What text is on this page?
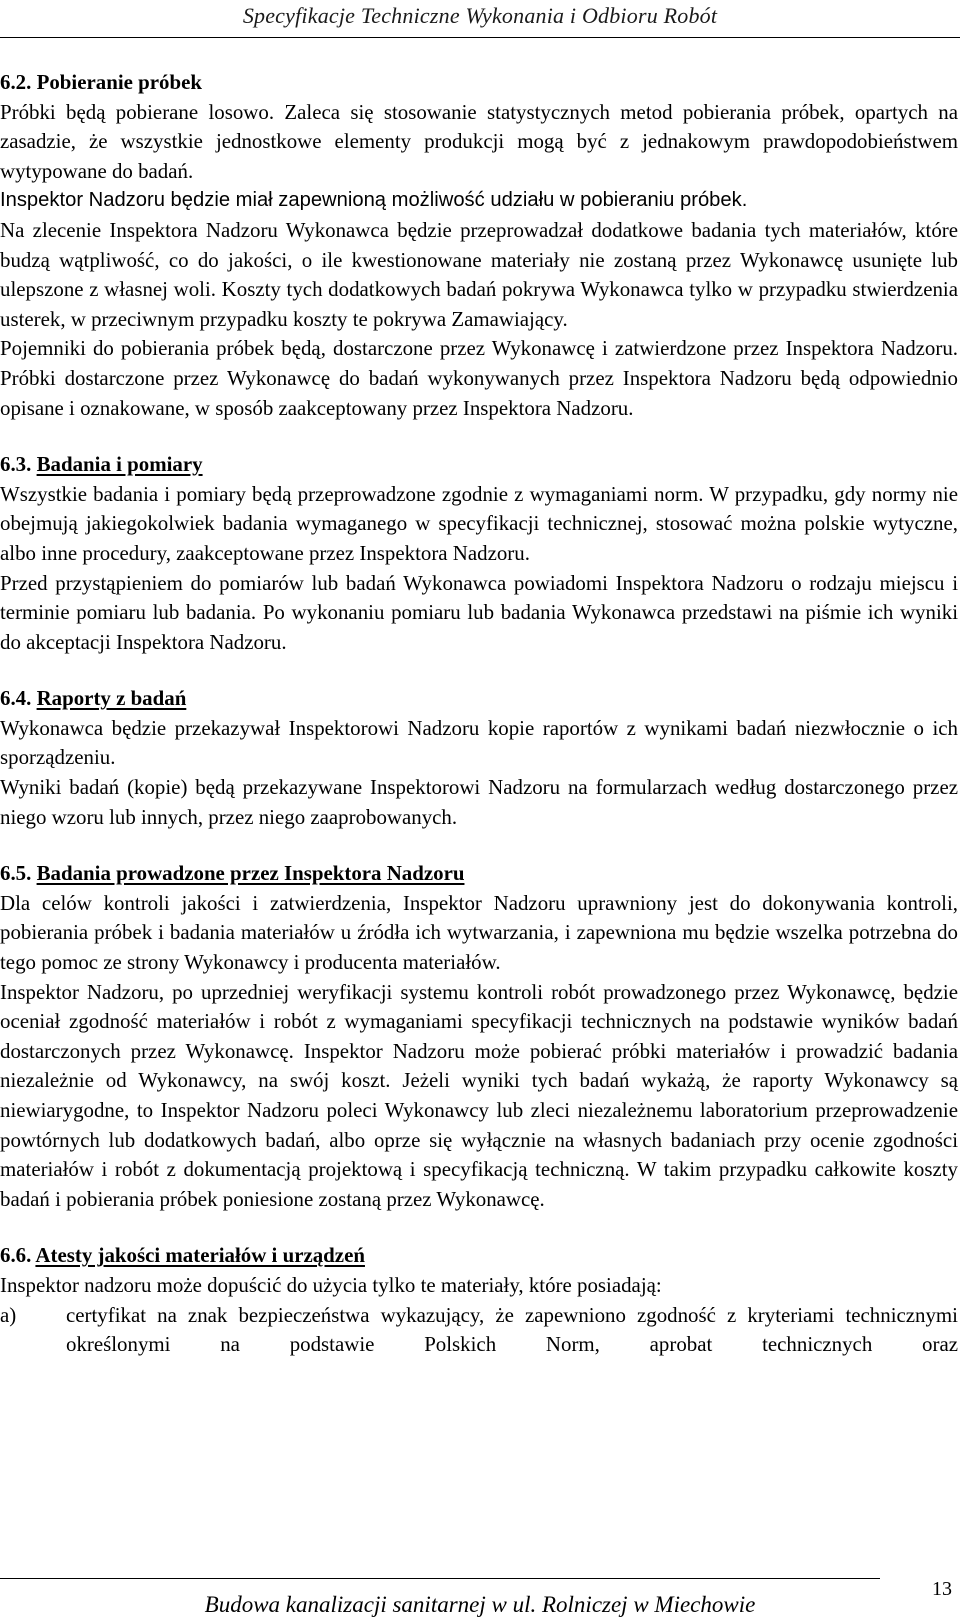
Specyfikacje Techniczne Wykonania i Odbioru Robót
6.2. Pobieranie próbek

Próbki będą pobierane losowo. Zaleca się stosowanie statystycznych metod pobierania próbek, opartych na zasadzie, że wszystkie jednostkowe elementy produkcji mogą być z jednakowym prawdopodobieństwem wytypowane do badań.

Inspektor Nadzoru będzie miał zapewnioną możliwość udziału w pobieraniu próbek.

Na zlecenie Inspektora Nadzoru Wykonawca będzie przeprowadzał dodatkowe badania tych materiałów, które budzą wątpliwość, co do jakości, o ile kwestionowane materiały nie zostaną przez Wykonawcę usunięte lub ulepszone z własnej woli. Koszty tych dodatkowych badań pokrywa Wykonawca tylko w przypadku stwierdzenia usterek, w przeciwnym przypadku koszty te pokrywa Zamawiający.

Pojemniki do pobierania próbek będą, dostarczone przez Wykonawcę i zatwierdzone przez Inspektora Nadzoru. Próbki dostarczone przez Wykonawcę do badań wykonywanych przez Inspektora Nadzoru będą odpowiednio opisane i oznakowane, w sposób zaakceptowany przez Inspektora Nadzoru.

6.3. Badania i pomiary

Wszystkie badania i pomiary będą przeprowadzone zgodnie z wymaganiami norm. W przypadku, gdy normy nie obejmują jakiegokolwiek badania wymaganego w specyfikacji technicznej, stosować można polskie wytyczne, albo inne procedury, zaakceptowane przez Inspektora Nadzoru.

Przed przystąpieniem do pomiarów lub badań Wykonawca powiadomi Inspektora Nadzoru o rodzaju miejscu i terminie pomiaru lub badania. Po wykonaniu pomiaru lub badania Wykonawca przedstawi na piśmie ich wyniki do akceptacji Inspektora Nadzoru.

6.4. Raporty z badań

Wykonawca będzie przekazywał Inspektorowi Nadzoru kopie raportów z wynikami badań niezwłocznie o ich sporządzeniu.

Wyniki badań (kopie) będą przekazywane Inspektorowi Nadzoru na formularzach według dostarczonego przez niego wzoru lub innych, przez niego zaaprobowanych.

6.5. Badania prowadzone przez Inspektora Nadzoru

Dla celów kontroli jakości i zatwierdzenia, Inspektor Nadzoru uprawniony jest do dokonywania kontroli, pobierania próbek i badania materiałów u źródła ich wytwarzania, i zapewniona mu będzie wszelka potrzebna do tego pomoc ze strony Wykonawcy i producenta materiałów.

Inspektor Nadzoru, po uprzedniej weryfikacji systemu kontroli robót prowadzonego przez Wykonawcę, będzie oceniał zgodność materiałów i robót z wymaganiami specyfikacji technicznych na podstawie wyników badań dostarczonych przez Wykonawcę. Inspektor Nadzoru może pobierać próbki materiałów i prowadzić badania niezależnie od Wykonawcy, na swój koszt. Jeżeli wyniki tych badań wykażą, że raporty Wykonawcy są niewiarygodne, to Inspektor Nadzoru poleci Wykonawcy lub zleci niezależnemu laboratorium przeprowadzenie powtórnych lub dodatkowych badań, albo oprze się wyłącznie na własnych badaniach przy ocenie zgodności materiałów i robót z dokumentacją projektową i specyfikacją techniczną. W takim przypadku całkowite koszty badań i pobierania próbek poniesione zostaną przez Wykonawcę.

6.6. Atesty jakości materiałów i urządzeń

Inspektor nadzoru może dopuścić do użycia tylko te materiały, które posiadają:

a)	certyfikat na znak bezpieczeństwa wykazujący, że zapewniono zgodność z kryteriami technicznymi określonymi na podstawie Polskich Norm, aprobat technicznych oraz
Budowa kanalizacji sanitarnej w ul. Rolniczej w Miechowie
13
